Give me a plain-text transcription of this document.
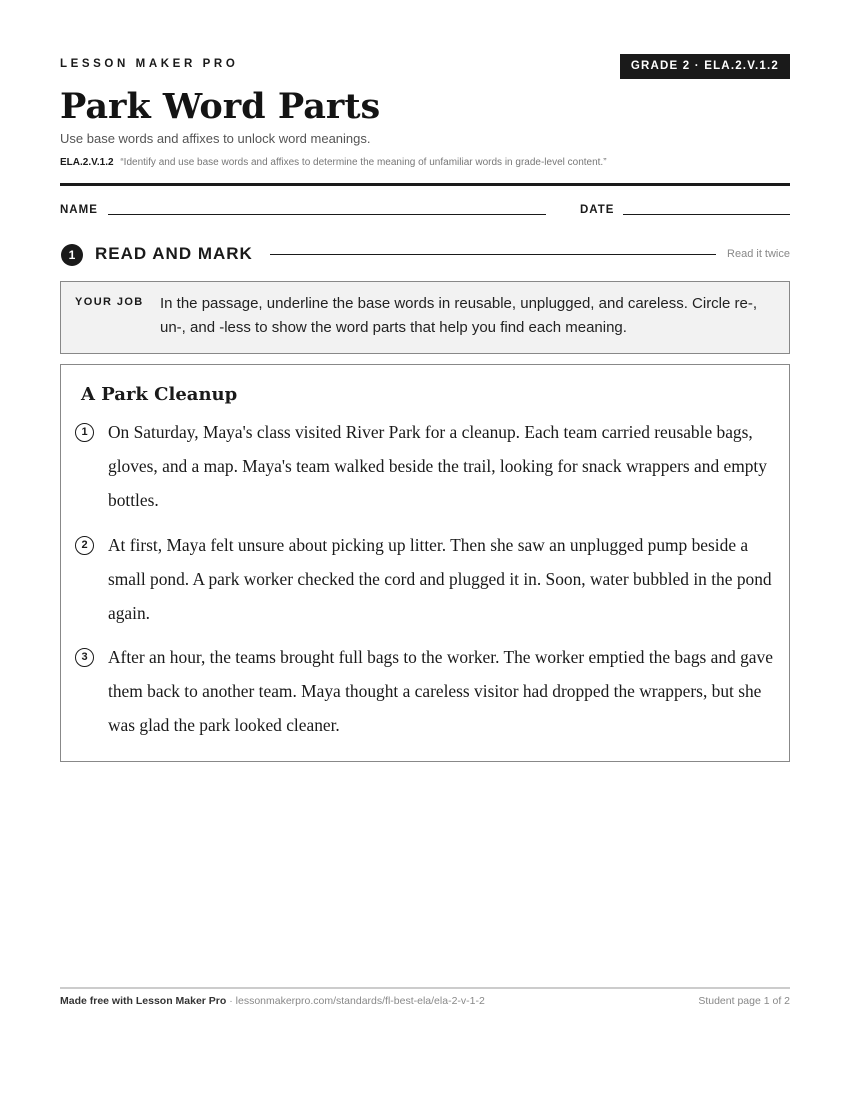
LESSON MAKER PRO	GRADE 2 · ELA.2.V.1.2
Park Word Parts
Use base words and affixes to unlock word meanings.
ELA.2.V.1.2 “Identify and use base words and affixes to determine the meaning of unfamiliar words in grade-level content.”
NAME	DATE
1	READ AND MARK	Read it twice
YOUR JOB In the passage, underline the base words in reusable, unplugged, and careless. Circle re-, un-, and -less to show the word parts that help you find each meaning.
A Park Cleanup
1	On Saturday, Maya's class visited River Park for a cleanup. Each team carried reusable bags, gloves, and a map. Maya's team walked beside the trail, looking for snack wrappers and empty bottles.
2	At first, Maya felt unsure about picking up litter. Then she saw an unplugged pump beside a small pond. A park worker checked the cord and plugged it in. Soon, water bubbled in the pond again.
3	After an hour, the teams brought full bags to the worker. The worker emptied the bags and gave them back to another team. Maya thought a careless visitor had dropped the wrappers, but she was glad the park looked cleaner.
Made free with Lesson Maker Pro · lessonmakerpro.com/standards/fl-best-ela/ela-2-v-1-2	Student page 1 of 2
